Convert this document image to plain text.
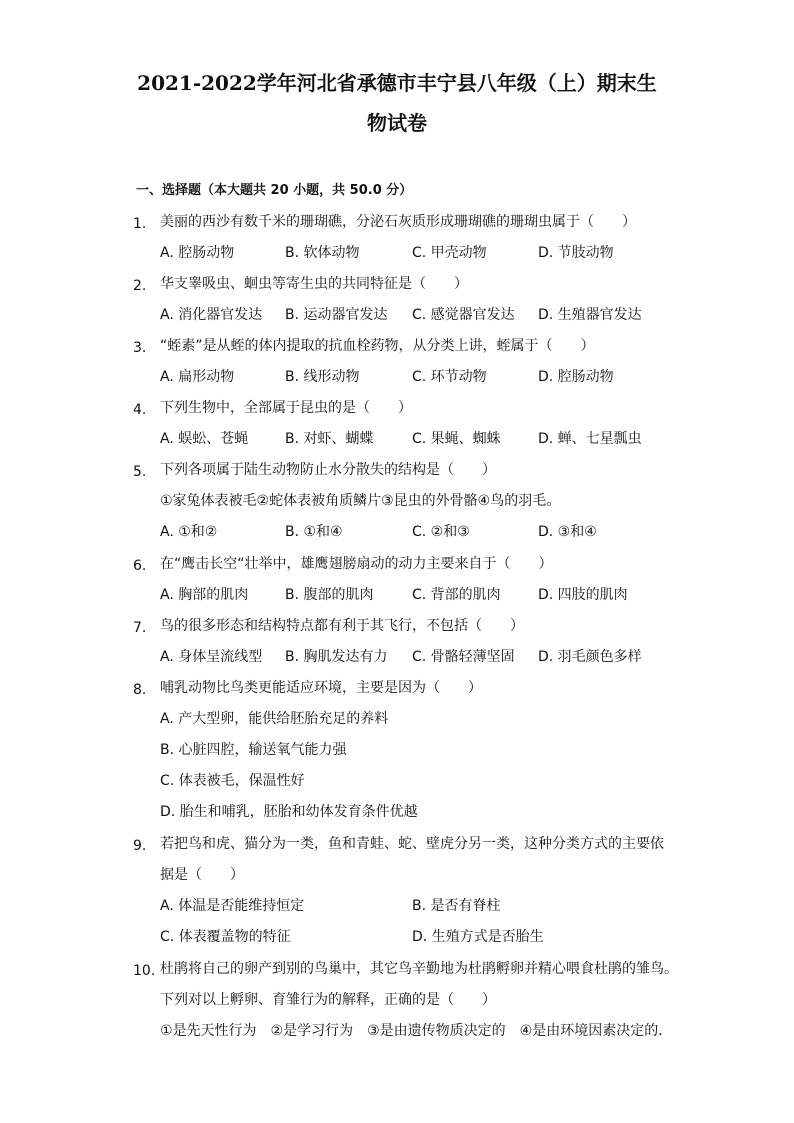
2021-2022学年河北省承德市丰宁县八年级（上）期末生
物试卷
一、选择题（本大题共 20 小题，共 50.0 分）
1. 美丽的西沙有数千米的珊瑚礁，分泌石灰质形成珊瑚礁的珊瑚虫属于（　　）
A. 腔肠动物	B. 软体动物	C. 甲壳动物	D. 节肢动物
2. 华支睾吸虫、蛔虫等寄生虫的共同特征是（　　）
A. 消化器官发达 B. 运动器官发达 C. 感觉器官发达 D. 生殖器官发达
3. “蛭素”是从蛭的体内提取的抗血栓药物，从分类上讲，蛭属于（　　）
A. 扁形动物	B. 线形动物	C. 环节动物	D. 腔肠动物
4. 下列生物中，全部属于昆虫的是（　　）
A. 蜈蚣、苍蝇	B. 对虾、蝴蝶	C. 果蝇、蜘蛛	D. 蝉、七星瓢虫
5. 下列各项属于陆生动物防止水分散失的结构是（　　）
①家兔体表被毛②蛇体表被角质鳞片③昆虫的外骨骼④鸟的羽毛。
A. ①和②	B. ①和④	C. ②和③	D. ③和④
6. 在“鹰击长空“壮举中，雄鹰翅膀扇动的动力主要来自于（　　）
A. 胸部的肌肉	B. 腹部的肌肉	C. 背部的肌肉	D. 四肢的肌肉
7. 鸟的很多形态和结构特点都有利于其飞行，不包括（　　）
A. 身体呈流线型 B. 胸肌发达有力 C. 骨骼轻薄坚固 D. 羽毛颜色多样
8. 哺乳动物比鸟类更能适应环境，主要是因为（　　）
A. 产大型卵，能供给胚胎充足的养料
B. 心脏四腔，输送氧气能力强
C. 体表被毛，保温性好
D. 胎生和哺乳，胚胎和幼体发育条件优越
9. 若把鸟和虎、猫分为一类，鱼和青蛙、蛇、壁虎分另一类，这种分类方式的主要依
据是（　　）
A. 体温是否能维持恒定	B. 是否有脊柱
C. 体表覆盖物的特征	D. 生殖方式是否胎生
10. 杜鹃将自己的卵产到别的鸟巢中，其它鸟辛勤地为杜鹃孵卵并精心喂食杜鹃的雏鸟。
下列对以上孵卵、育雏行为的解释，正确的是（　　）
①是先天性行为　②是学习行为　③是由遗传物质决定的　④是由环境因素决定的．
